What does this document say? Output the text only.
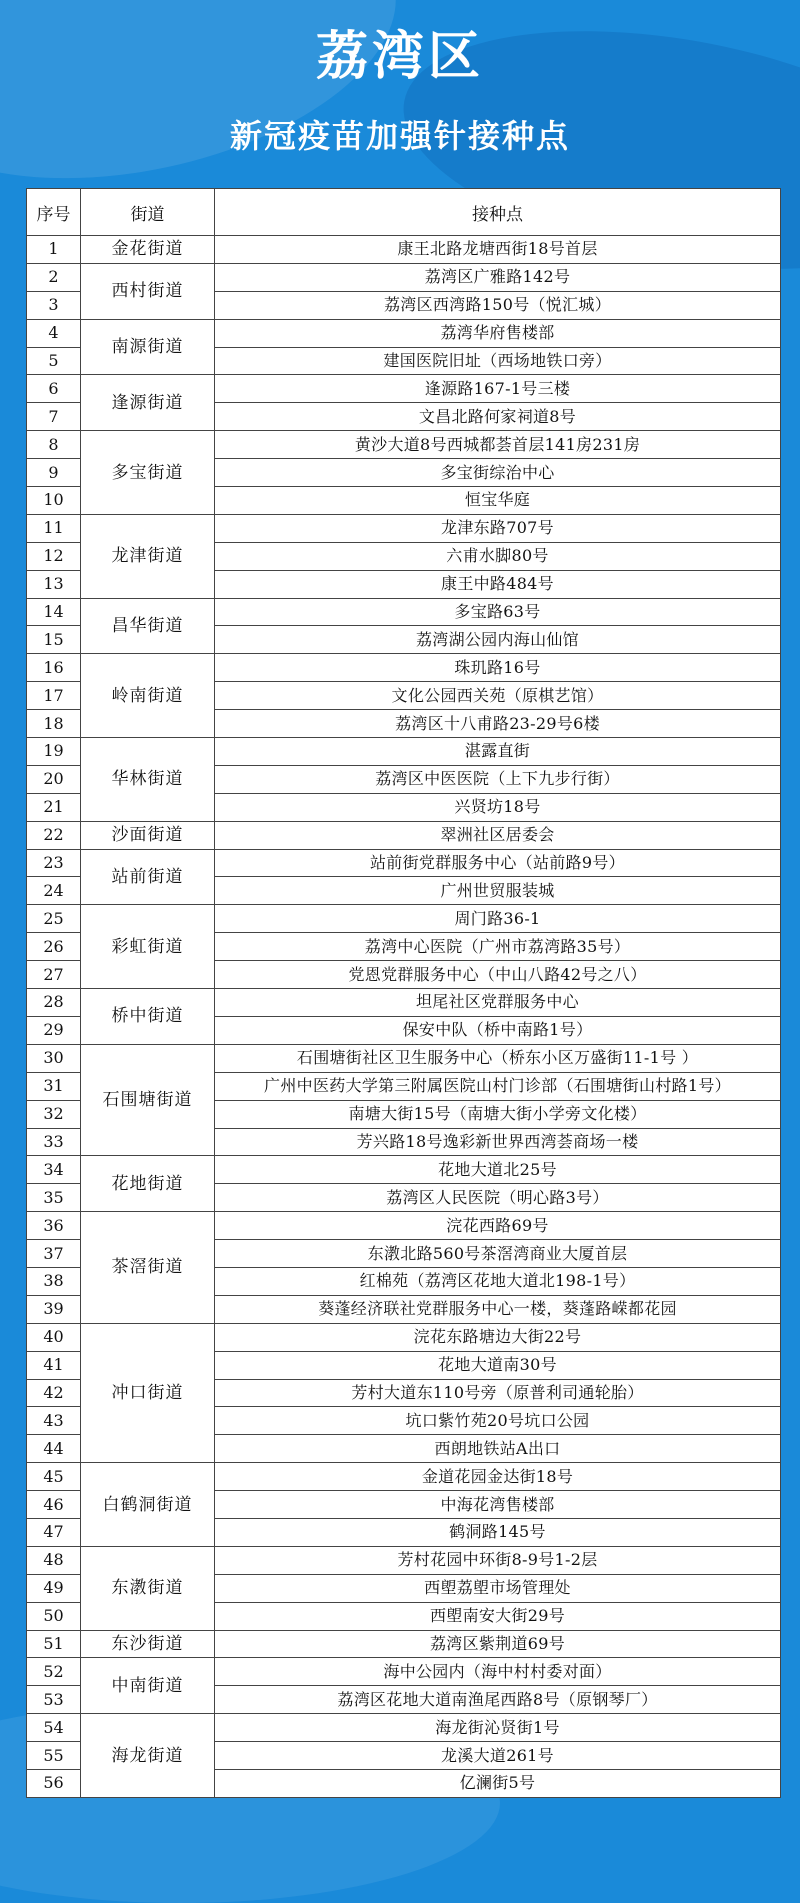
荔湾区
新冠疫苗加强针接种点
序号	街道	接种点
1	金花街道	康王北路龙塘西街18号首层
2	西村街道	荔湾区广雅路142号
3		荔湾区西湾路150号（悦汇城）
4	南源街道	荔湾华府售楼部
5		建国医院旧址（西场地铁口旁）
6	逢源街道	逢源路167-1号三楼
7		文昌北路何家祠道8号
8	多宝街道	黄沙大道8号西城都荟首层141房231房
9		多宝街综治中心
10		恒宝华庭
11	龙津街道	龙津东路707号
12		六甫水脚80号
13		康王中路484号
14	昌华街道	多宝路63号
15		荔湾湖公园内海山仙馆
16	岭南街道	珠玑路16号
17		文化公园西关苑（原棋艺馆）
18		荔湾区十八甫路23-29号6楼
19	华林街道	湛露直街
20		荔湾区中医医院（上下九步行街）
21		兴贤坊18号
22	沙面街道	翠洲社区居委会
23	站前街道	站前街党群服务中心（站前路9号）
24		广州世贸服装城
25	彩虹街道	周门路36-1
26		荔湾中心医院（广州市荔湾路35号）
27		党恩党群服务中心（中山八路42号之八）
28	桥中街道	坦尾社区党群服务中心
29		保安中队（桥中南路1号）
30	石围塘街道	石围塘街社区卫生服务中心（桥东小区万盛街11-1号 ）
31		广州中医药大学第三附属医院山村门诊部（石围塘街山村路1号）
32		南塘大街15号（南塘大街小学旁文化楼）
33		芳兴路18号逸彩新世界西湾荟商场一楼
34	花地街道	花地大道北25号
35		荔湾区人民医院（明心路3号）
36	茶滘街道	浣花西路69号
37		东漖北路560号茶滘湾商业大厦首层
38		红棉苑（荔湾区花地大道北198-1号）
39		葵蓬经济联社党群服务中心一楼，葵蓬路嵘都花园
40	冲口街道	浣花东路塘边大街22号
41		花地大道南30号
42		芳村大道东110号旁（原普利司通轮胎）
43		坑口紫竹苑20号坑口公园
44		西朗地铁站A出口
45	白鹤洞街道	金道花园金达街18号
46		中海花湾售楼部
47		鹤洞路145号
48	东漖街道	芳村花园中环街8-9号1-2层
49		西塱荔塱市场管理处
50		西塱南安大街29号
51	东沙街道	荔湾区紫荆道69号
52	中南街道	海中公园内（海中村村委对面）
53		荔湾区花地大道南渔尾西路8号（原钢琴厂）
54	海龙街道	海龙街沁贤街1号
55		龙溪大道261号
56		亿澜街5号
